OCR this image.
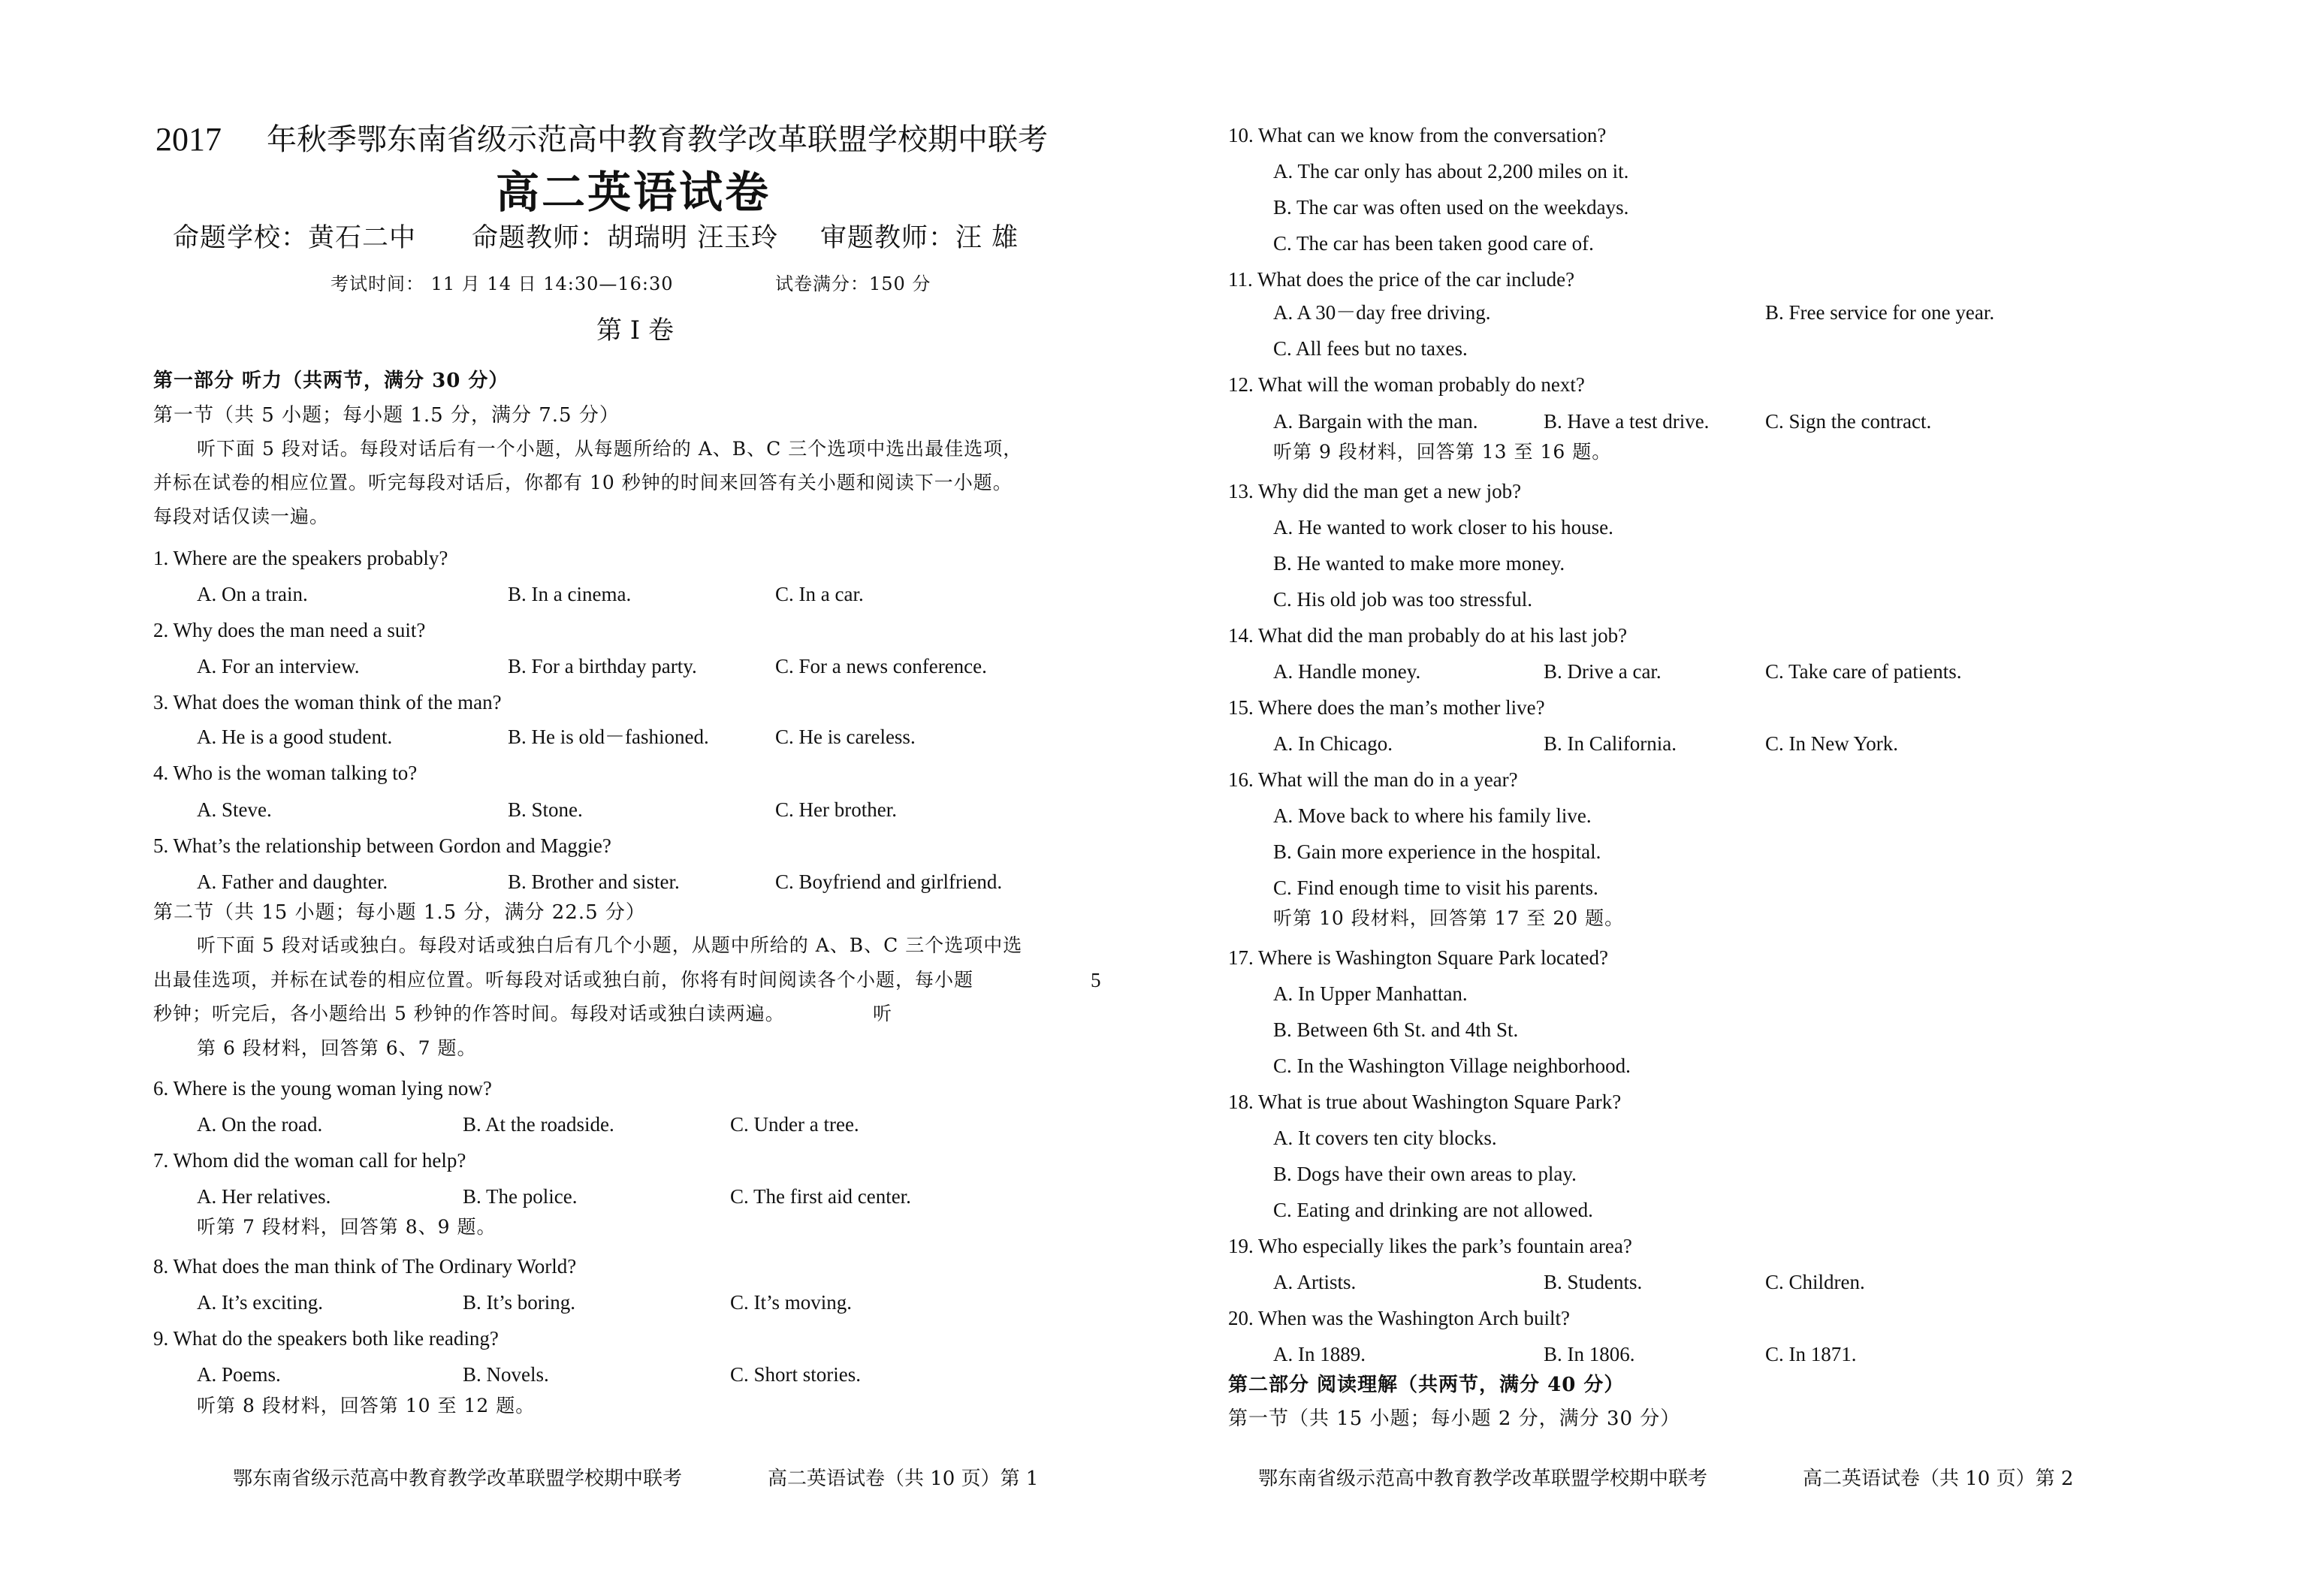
2017 年秋季鄂东南省级示范高中教育教学改革联盟学校期中联考
高二英语试卷
命题学校：黄石二中 命题教师：胡瑞明 汪玉玲 审题教师：汪 雄
考试时间： 11 月 14 日 14:30—16:30	试卷满分：150 分
第 I 卷
第一部分 听力（共两节，满分 30 分）
第一节（共 5 小题；每小题 1.5 分，满分 7.5 分）
听下面 5 段对话。每段对话后有一个小题，从每题所给的 A、B、C 三个选项中选出最佳选项，
并标在试卷的相应位置。听完每段对话后，你都有 10 秒钟的时间来回答有关小题和阅读下一小题。
每段对话仅读一遍。
1. Where are the speakers probably?
A. On a train.	B. In a cinema.	C. In a car.
2. Why does the man need a suit?
A. For an interview.	B. For a birthday party.	C. For a news conference.
3. What does the woman think of the man?
A. He is a good student.	B. He is old－fashioned.	C. He is careless.
4. Who is the woman talking to?
A. Steve.	B. Stone.	C. Her brother.
5. What’s the relationship between Gordon and Maggie?
A. Father and daughter.	B. Brother and sister.	C. Boyfriend and girlfriend.
第二节（共 15 小题；每小题 1.5 分，满分 22.5 分）
听下面 5 段对话或独白。每段对话或独白后有几个小题，从题中所给的 A、B、C 三个选项中选
出最佳选项，并标在试卷的相应位置。听每段对话或独白前，你将有时间阅读各个小题，每小题	5
秒钟；听完后，各小题给出 5 秒钟的作答时间。每段对话或独白读两遍。	听
第 6 段材料，回答第 6、7 题。
6. Where is the young woman lying now?
A. On the road.	B. At the roadside.	C. Under a tree.
7. Whom did the woman call for help?
A. Her relatives.	B. The police.	C. The first aid center.
听第 7 段材料，回答第 8、9 题。
8. What does the man think of The Ordinary World?
A. It’s exciting.	B. It’s boring.	C. It’s moving.
9. What do the speakers both like reading?
A. Poems.	B. Novels.	C. Short stories.
听第 8 段材料，回答第 10 至 12 题。
鄂东南省级示范高中教育教学改革联盟学校期中联考	高二英语试卷（共 10 页）第 1
10. What can we know from the conversation?
A. The car only has about 2,200 miles on it.
B. The car was often used on the weekdays.
C. The car has been taken good care of.
11. What does the price of the car include?
A. A 30－day free driving.	B. Free service for one year.
C. All fees but no taxes.
12. What will the woman probably do next?
A. Bargain with the man.	B. Have a test drive.	C. Sign the contract.
听第 9 段材料，回答第 13 至 16 题。
13. Why did the man get a new job?
A. He wanted to work closer to his house.
B. He wanted to make more money.
C. His old job was too stressful.
14. What did the man probably do at his last job?
A. Handle money.	B. Drive a car.	C. Take care of patients.
15. Where does the man’s mother live?
A. In Chicago.	B. In California.	C. In New York.
16. What will the man do in a year?
A. Move back to where his family live.
B. Gain more experience in the hospital.
C. Find enough time to visit his parents.
听第 10 段材料，回答第 17 至 20 题。
17. Where is Washington Square Park located?
A. In Upper Manhattan.
B. Between 6th St. and 4th St.
C. In the Washington Village neighborhood.
18. What is true about Washington Square Park?
A. It covers ten city blocks.
B. Dogs have their own areas to play.
C. Eating and drinking are not allowed.
19. Who especially likes the park’s fountain area?
A. Artists.	B. Students.	C. Children.
20. When was the Washington Arch built?
A. In 1889.	B. In 1806.	C. In 1871.
第二部分 阅读理解（共两节，满分 40 分）
第一节（共 15 小题；每小题 2 分，满分 30 分）
鄂东南省级示范高中教育教学改革联盟学校期中联考	高二英语试卷（共 10 页）第 2
